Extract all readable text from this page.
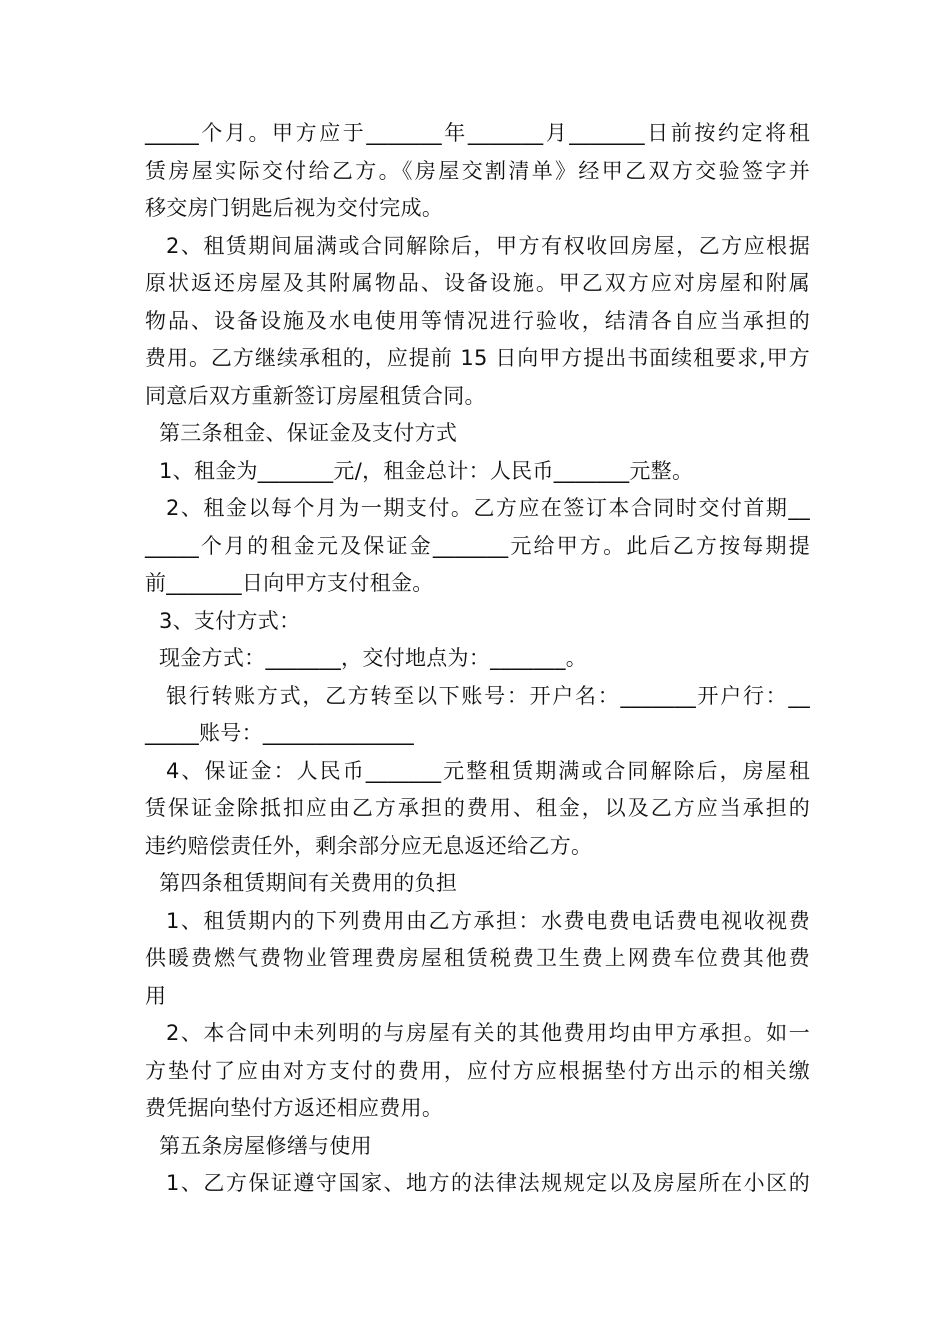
_____个月。甲方应于_______年_______月_______日前按约定将租
赁房屋实际交付给乙方。《房屋交割清单》经甲乙双方交验签字并
移交房门钥匙后视为交付完成。
2、租赁期间届满或合同解除后，甲方有权收回房屋，乙方应根据
原状返还房屋及其附属物品、设备设施。甲乙双方应对房屋和附属
物品、设备设施及水电使用等情况进行验收，结清各自应当承担的
费用。乙方继续承租的，应提前 15 日向甲方提出书面续租要求,甲方
同意后双方重新签订房屋租赁合同。
第三条租金、保证金及支付方式
1、租金为_______元/，租金总计：人民币_______元整。
2、租金以每个月为一期支付。乙方应在签订本合同时交付首期__
_____个月的租金元及保证金_______元给甲方。此后乙方按每期提
前_______日向甲方支付租金。
3、支付方式：
现金方式：_______，交付地点为：_______。
银行转账方式，乙方转至以下账号：开户名：_______开户行：__
_____账号：______________
4、保证金：人民币_______元整租赁期满或合同解除后，房屋租
赁保证金除抵扣应由乙方承担的费用、租金，以及乙方应当承担的
违约赔偿责任外，剩余部分应无息返还给乙方。
第四条租赁期间有关费用的负担
1、租赁期内的下列费用由乙方承担：水费电费电话费电视收视费
供暖费燃气费物业管理费房屋租赁税费卫生费上网费车位费其他费
用
2、本合同中未列明的与房屋有关的其他费用均由甲方承担。如一
方垫付了应由对方支付的费用，应付方应根据垫付方出示的相关缴
费凭据向垫付方返还相应费用。
第五条房屋修缮与使用
1、乙方保证遵守国家、地方的法律法规规定以及房屋所在小区的
